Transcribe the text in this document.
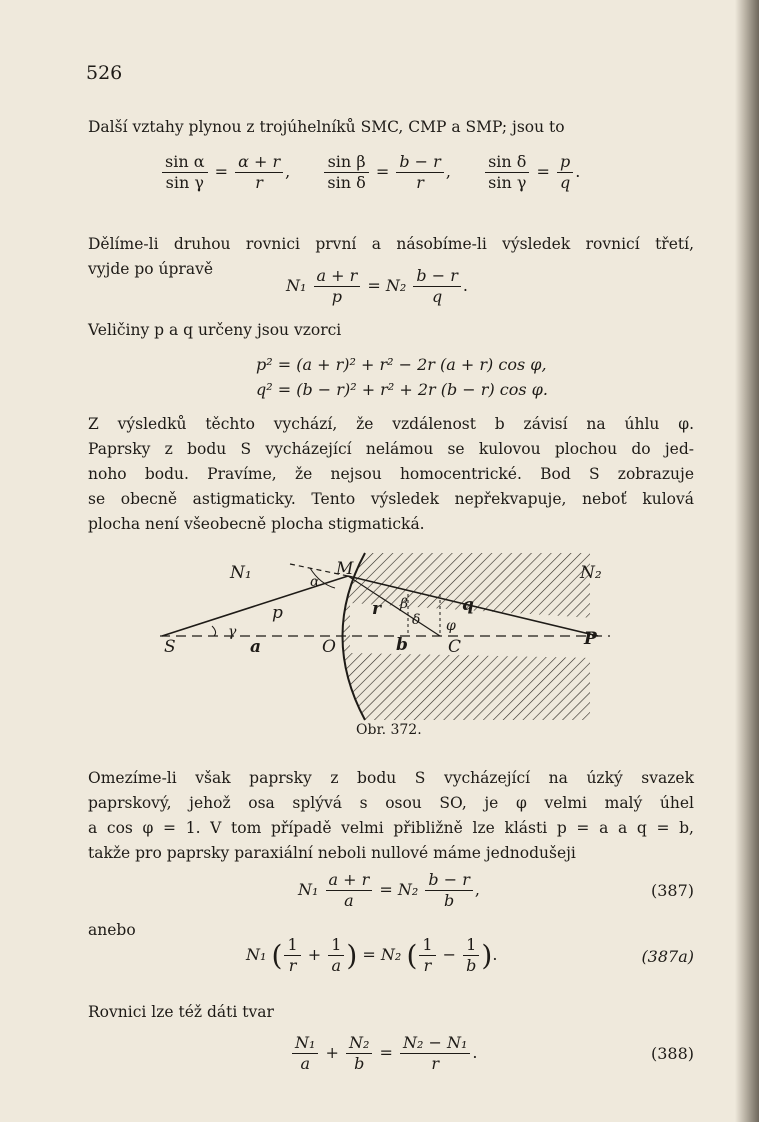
526

Další vztahy plynou z trojúhelníků SMC, CMP a SMP; jsou to

$\frac{\text{sin α}}{\text{sin γ}} = \frac{\alpha + r}{r}$ , $\frac{\text{sin β}}{\text{sin δ}} = \frac{b - r}{r}$ , $\frac{\text{sin δ}}{\text{sin γ}} = \frac{p}{q}$ .

Dělíme-li druhou rovnici první a násobíme-li výsledek rovnicí třetí,
vyjde po úpravě

$N_1 \frac{a + r}{p} = N_2 \frac{b - r}{q}$ .

Veličiny p a q určeny jsou vzorci

p² = (a + r)² + r² − 2r (a + r) cos φ,
q² = (b − r)² + r² + 2r (b − r) cos φ.

Z výsledků těchto vychází, že vzdálenost b závisí na úhlu φ.
Paprsky z bodu S vycházející nelámou se kulovou plochou do jed-
noho bodu. Pravíme, že nejsou homocentrické. Bod S zobrazuje
se obecně astigmaticky. Tento výsledek nepřekvapuje, neboť kulová
plocha není všeobecně plocha stigmatická.

N₁	N₂
M
α
p
S
γ
a	O
r β
δ
q
φ
b C	P
Obr. 372.

Omezíme-li však paprsky z bodu S vycházející na úzký svazek
paprskový, jehož osa splývá s osou SO, je φ velmi malý úhel
a cos φ = 1. V tom případě velmi přibližně lze klásti p = a a q = b,
takže pro paprsky paraxiální neboli nullové máme jednodušeji

$N_1 \frac{a + r}{a} = N_2 \frac{b - r}{b}$ ,	(387)
anebo
N₁ ( $\frac{1}{r} + \frac{1}{a}$ ) = N₂ ( $\frac{1}{r} - \frac{1}{b}$ ).	(387a)

Rovnici lze též dáti tvar

$\frac{\text{N₁}}{a} + \frac{\text{N₂}}{b} = \frac{\text{N₂ − N₁}}{r}$ .	(388)
